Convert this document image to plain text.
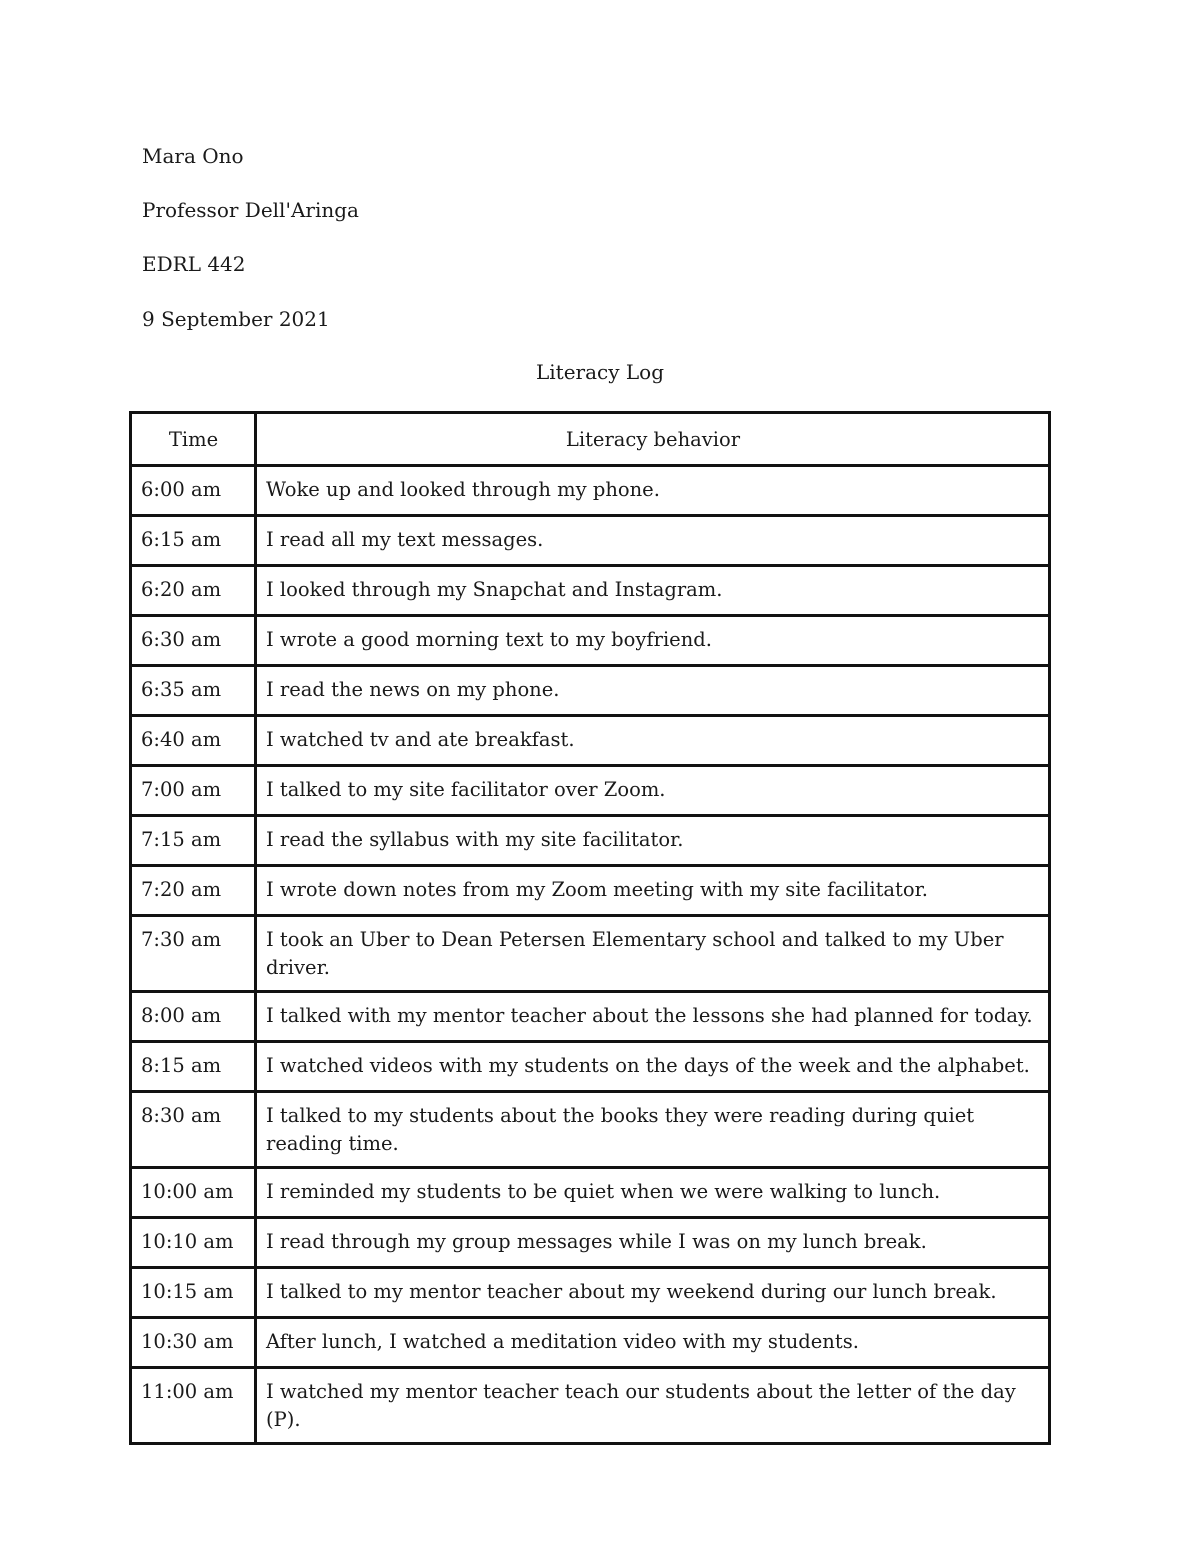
Mara Ono
Professor Dell'Aringa
EDRL 442
9 September 2021
Literacy Log
Time	Literacy behavior
6:00 am	Woke up and looked through my phone.
6:15 am	I read all my text messages.
6:20 am	I looked through my Snapchat and Instagram.
6:30 am	I wrote a good morning text to my boyfriend.
6:35 am	I read the news on my phone.
6:40 am	I watched tv and ate breakfast.
7:00 am	I talked to my site facilitator over Zoom.
7:15 am	I read the syllabus with my site facilitator.
7:20 am	I wrote down notes from my Zoom meeting with my site facilitator.
7:30 am	I took an Uber to Dean Petersen Elementary school and talked to my Uber driver.
8:00 am	I talked with my mentor teacher about the lessons she had planned for today.
8:15 am	I watched videos with my students on the days of the week and the alphabet.
8:30 am	I talked to my students about the books they were reading during quiet reading time.
10:00 am	I reminded my students to be quiet when we were walking to lunch.
10:10 am	I read through my group messages while I was on my lunch break.
10:15 am	I talked to my mentor teacher about my weekend during our lunch break.
10:30 am	After lunch, I watched a meditation video with my students.
11:00 am	I watched my mentor teacher teach our students about the letter of the day (P).
